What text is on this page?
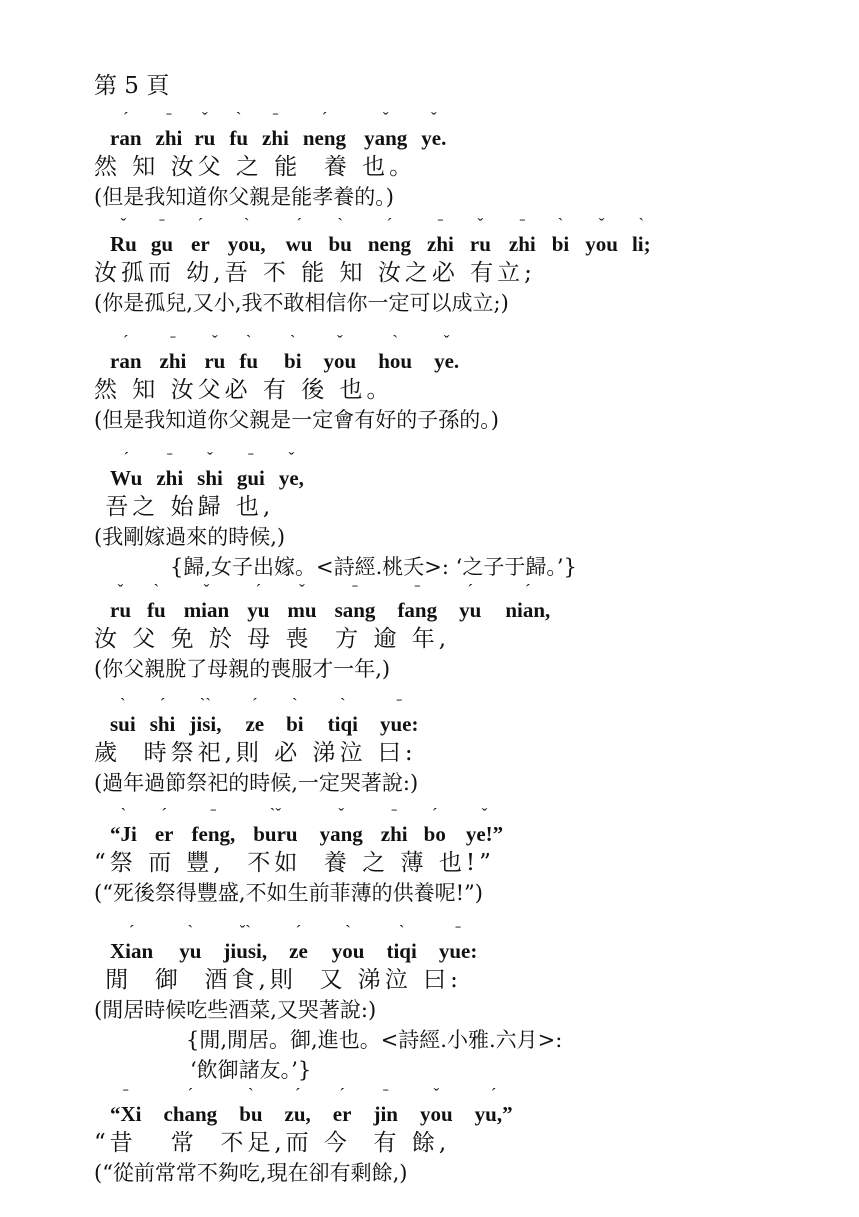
第 5 頁
ˊ
ran
ˉ
zhi
ˇ
ru
ˋ
fu
ˉ
zhi
ˊ
neng
ˇ
yang
ˇ
ye.
然 知 汝父 之 能  養 也。
(但是我知道你父親是能孝養的。)
ˇ
Ru
ˉ
gu
ˊ
er
ˋ
you,
ˊ
wu
ˋ
bu
ˊ
neng
ˉ
zhi
ˇ
ru
ˉ
zhi
ˋ
bi
ˇ
you
ˋ
li;
汝孤而 幼,吾 不 能 知 汝之必 有立;
(你是孤兒,又小,我不敢相信你一定可以成立;)
ˊ
ran
ˉ
zhi
ˇ
ru
ˋ
fu
ˋ
bi
ˇ
you
ˋ
hou
ˇ
ye.
然 知 汝父必 有 後 也。
(但是我知道你父親是一定會有好的子孫的。)
ˊ
Wu
ˉ
zhi
ˇ
shi
ˉ
gui
ˇ
ye,
吾之 始歸 也,
(我剛嫁過來的時候,)
{歸,女子出嫁。<詩經.桃夭>: ‘之子于歸。’}
ˇ
ru
ˋ
fu
ˇ
mian
ˊ
yu
ˇ
mu
ˉ
sang
ˉ
fang
ˊ
yu
ˊ
nian,
汝 父 免 於 母 喪  方 逾 年,
(你父親脫了母親的喪服才一年,)
ˋ
sui
ˊ
shi
ˋˋ
jisi,
ˊ
ze
ˋ
bi
ˋ
tiqi
ˉ
yue:
歲  時祭祀,則 必 涕泣 曰:
(過年過節祭祀的時候,一定哭著說:)
ˋ
“Ji
ˊ
er
ˉ
feng,
ˋˇ
buru
ˇ
yang
ˉ
zhi
ˊ
bo
ˇ
ye!”
“祭 而 豐,  不如  養 之 薄 也!”
(“死後祭得豐盛,不如生前菲薄的供養呢!”)
ˊ
Xian
ˋ
yu
ˇˋ
jiusi,
ˊ
ze
ˋ
you
ˋ
tiqi
ˉ
yue:
閒  御  酒食,則  又 涕泣 曰:
(閒居時候吃些酒菜,又哭著說:)
{閒,閒居。御,進也。<詩經.小雅.六月>:
‘飲御諸友。’}
ˉ
“Xi
ˊ
chang
ˋ
bu
ˊ
zu,
ˊ
er
ˉ
jin
ˇ
you
ˊ
yu,”
“昔   常  不足,而 今  有 餘,
(“從前常常不夠吃,現在卻有剩餘,)
